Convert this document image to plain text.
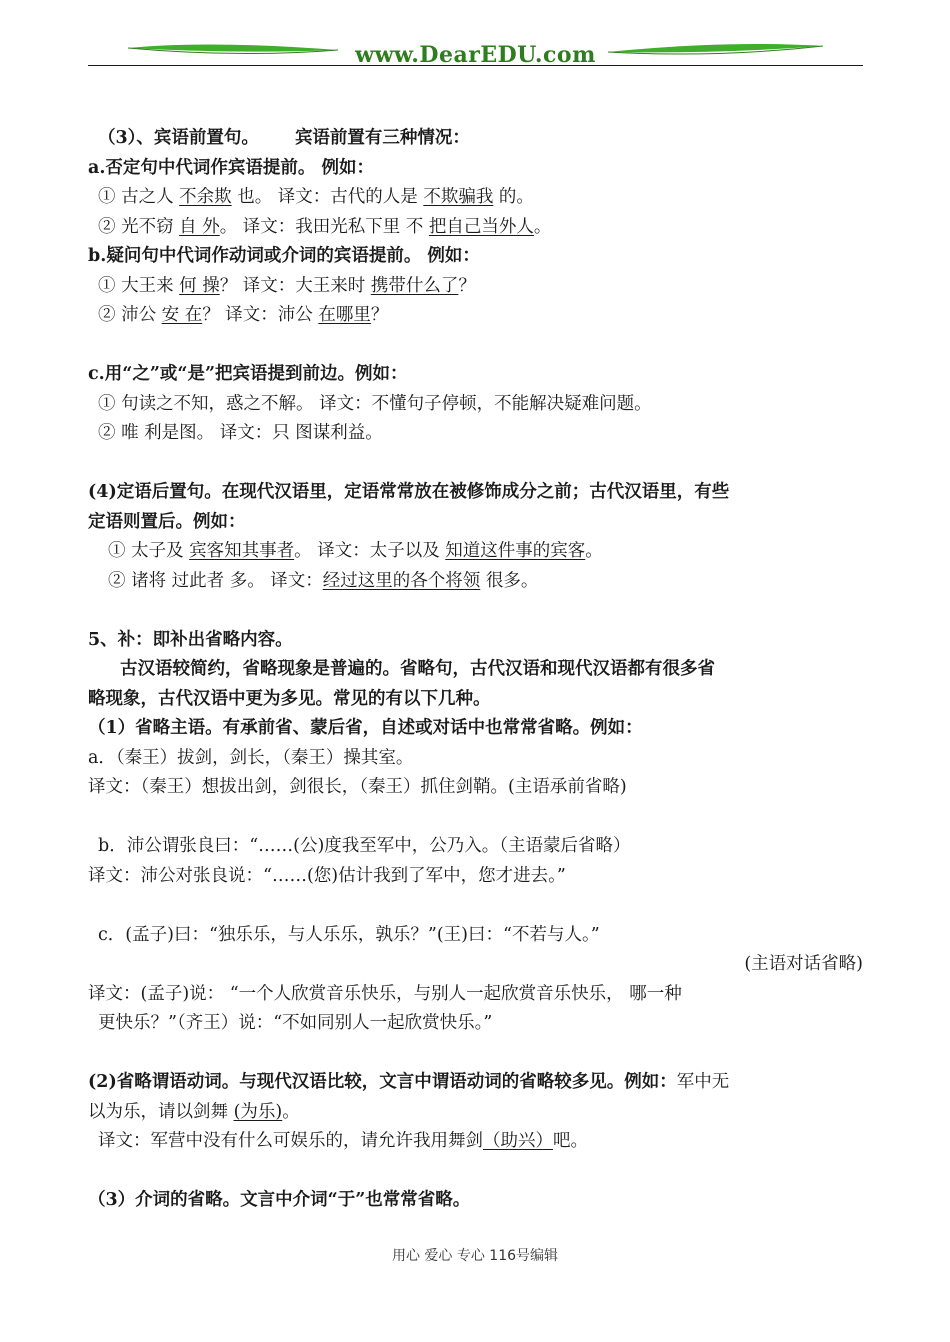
www.DearEDU.com
（3）、宾语前置句。 宾语前置有三种情况：
a.否定句中代词作宾语提前。 例如：
① 古之人 不余欺 也。 译文：古代的人是 不欺骗我 的。
② 光不窃 自 外。 译文：我田光私下里 不 把自己当外人。
b.疑问句中代词作动词或介词的宾语提前。 例如：
① 大王来 何 操？ 译文：大王来时 携带什么了？
② 沛公 安 在？ 译文：沛公 在哪里？
c.用“之”或“是”把宾语提到前边。例如：
① 句读之不知，惑之不解。 译文：不懂句子停顿，不能解决疑难问题。
② 唯 利是图。 译文：只 图谋利益。
(4)定语后置句。在现代汉语里，定语常常放在被修饰成分之前；古代汉语里，有些
定语则置后。例如：
① 太子及 宾客知其事者。 译文：太子以及 知道这件事的宾客。
② 诸将 过此者 多。 译文：经过这里的各个将领 很多。
5、补：即补出省略内容。
古汉语较简约，省略现象是普遍的。省略句，古代汉语和现代汉语都有很多省
略现象，古代汉语中更为多见。常见的有以下几种。
（1）省略主语。有承前省、蒙后省，自述或对话中也常常省略。例如：
a．（秦王）拔剑，剑长，（秦王）操其室。
译文：（秦王）想拔出剑，剑很长，（秦王）抓住剑鞘。(主语承前省略)
b．沛公谓张良曰：“……(公)度我至军中，公乃入。（主语蒙后省略）
译文：沛公对张良说：“……(您)估计我到了军中，您才进去。”
c．(孟子)曰：“独乐乐，与人乐乐，孰乐？”(王)曰：“不若与人。”
(主语对话省略)
译文：(孟子)说： “一个人欣赏音乐快乐，与别人一起欣赏音乐快乐， 哪一种
更快乐？”（齐王）说：“不如同别人一起欣赏快乐。”
(2)省略谓语动词。与现代汉语比较，文言中谓语动词的省略较多见。例如：军中无
以为乐，请以剑舞 (为乐)。
译文：军营中没有什么可娱乐的，请允许我用舞剑（助兴）吧。
（3）介词的省略。文言中介词“于”也常常省略。
用心 爱心 专心 116号编辑
